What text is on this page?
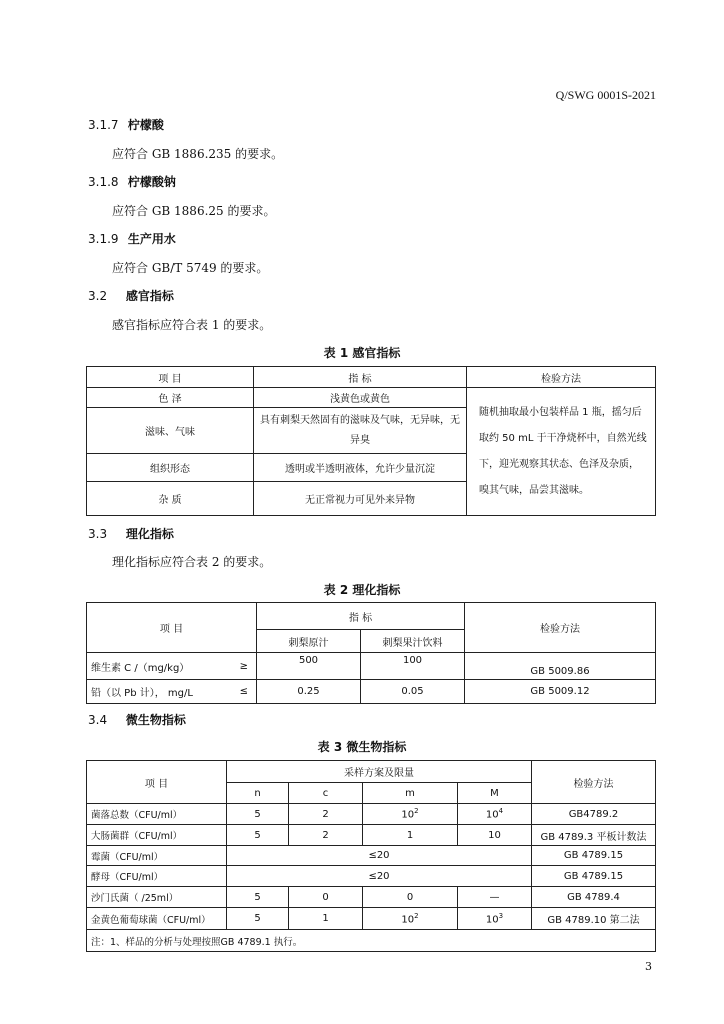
Q/SWG 0001S-2021
3.1.7 柠檬酸
应符合 GB 1886.235 的要求。
3.1.8 柠檬酸钠
应符合 GB 1886.25 的要求。
3.1.9 生产用水
应符合 GB/T 5749 的要求。
3.2 感官指标
感官指标应符合表 1 的要求。
表 1 感官指标
项 目	指 标	检验方法
色 泽	浅黄色或黄色	随机抽取最小包装样品 1 瓶，摇匀后取约 50 mL 于干净烧杯中，自然光线下，迎光观察其状态、色泽及杂质，嗅其气味，品尝其滋味。
滋味、气味	具有刺梨天然固有的滋味及气味，无异味，无异臭	
组织形态	透明或半透明液体，允许少量沉淀	
杂 质	无正常视力可见外来异物	
3.3 理化指标
理化指标应符合表 2 的要求。
表 2 理化指标
项 目		指 标		检验方法
		刺梨原汁	刺梨果汁饮料	
维生素 C /（mg/kg）	≥	500	100	GB 5009.86
铅（以 Pb 计）， mg/L	≤	0.25	0.05	GB 5009.12
3.4 微生物指标
表 3 微生物指标
项 目	采样方案及限量				检验方法
	n	c	m	M	
菌落总数（CFU/ml）	5	2	$10^2$	$10^4$	GB4789.2
大肠菌群（CFU/ml）	5	2	1	10	GB 4789.3 平板计数法
霉菌（CFU/ml）	≤20				GB 4789.15
酵母（CFU/ml）	≤20				GB 4789.15
沙门氏菌（ /25ml）	5	0	0	—	GB 4789.4
金黄色葡萄球菌（CFU/ml）	5	1	$10^2$	$10^3$	GB 4789.10 第二法
注：1、样品的分析与处理按照GB 4789.1 执行。					
3
